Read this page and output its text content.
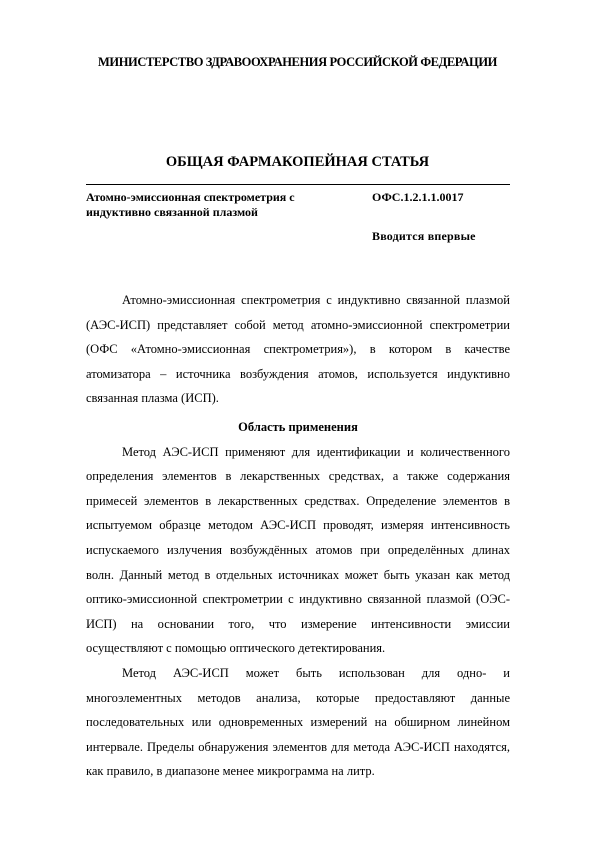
МИНИСТЕРСТВО ЗДРАВООХРАНЕНИЯ РОССИЙСКОЙ ФЕДЕРАЦИИ
ОБЩАЯ ФАРМАКОПЕЙНАЯ СТАТЬЯ
Атомно-эмиссионная спектрометрия с индуктивно связанной плазмой
ОФС.1.2.1.1.0017
Вводится впервые

Атомно-эмиссионная спектрометрия с индуктивно связанной плазмой (АЭС-ИСП) представляет собой метод атомно-эмиссионной спектрометрии (ОФС «Атомно-эмиссионная спектрометрия»), в котором в качестве атомизатора – источника возбуждения атомов, используется индуктивно связанная плазма (ИСП).

Область применения

Метод АЭС-ИСП применяют для идентификации и количественного определения элементов в лекарственных средствах, а также содержания примесей элементов в лекарственных средствах. Определение элементов в испытуемом образце методом АЭС-ИСП проводят, измеряя интенсивность испускаемого излучения возбуждённых атомов при определённых длинах волн. Данный метод в отдельных источниках может быть указан как метод оптико-эмиссионной спектрометрии с индуктивно связанной плазмой (ОЭС-ИСП) на основании того, что измерение интенсивности эмиссии осуществляют с помощью оптического детектирования.

Метод АЭС-ИСП может быть использован для одно- и многоэлементных методов анализа, которые предоставляют данные последовательных или одновременных измерений на обширном линейном интервале. Пределы обнаружения элементов для метода АЭС-ИСП находятся, как правило, в диапазоне менее микрограмма на литр.
